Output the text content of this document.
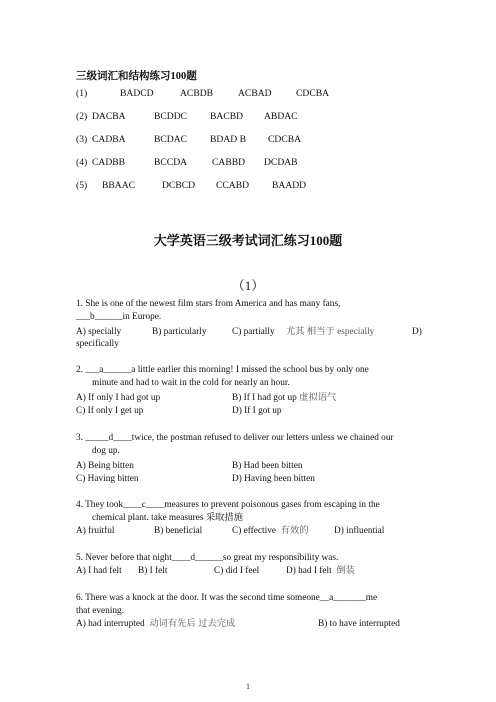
三级词汇和结构练习100题
(1)	BADCD	ACBDB	ACBAD	CDCBA
(2) DACBA	BCDDC BACBD ABDAC
(3) CADBA	BCDAC BDAD B CDCBA
(4) CADBB	BCCDA	CABBD DCDAB
(5) BBAAC	DCBCD CCABD BAADD
大学英语三级考试词汇练习100题
（1）
1. She is one of the newest film stars from America and has many fans,
___b______in Europe.
A) specially	B) particularly	C) partially 尤其 相当于 especially	D)
specifically
2. ___a______a little earlier this morning! I missed the school bus by only one
minute and had to wait in the cold for nearly an hour.
A) If only I had got up	B) If I had got up 虚拟语气
C) If only I get up	D) If I got up
3. _____d____twice, the postman refused to deliver our letters unless we chained our
dog up.
A) Being bitten	B) Had been bitten
C) Having bitten	D) Having been bitten
4. They took____c____measures to prevent poisonous gases from escaping in the
chemical plant. take measures 采取措施
A) fruitful	B) beneficial	C) effective 有效的	D) influential
5. Never before that night____d______so great my responsibility was.
A) I had felt B) I felt	C) did I feel	D) had I felt 倒装
6. There was a knock at the door. It was the second time someone__a_______me
that evening.
A) had interrupted 动词有先后 过去完成	B) to have interrupted
1
